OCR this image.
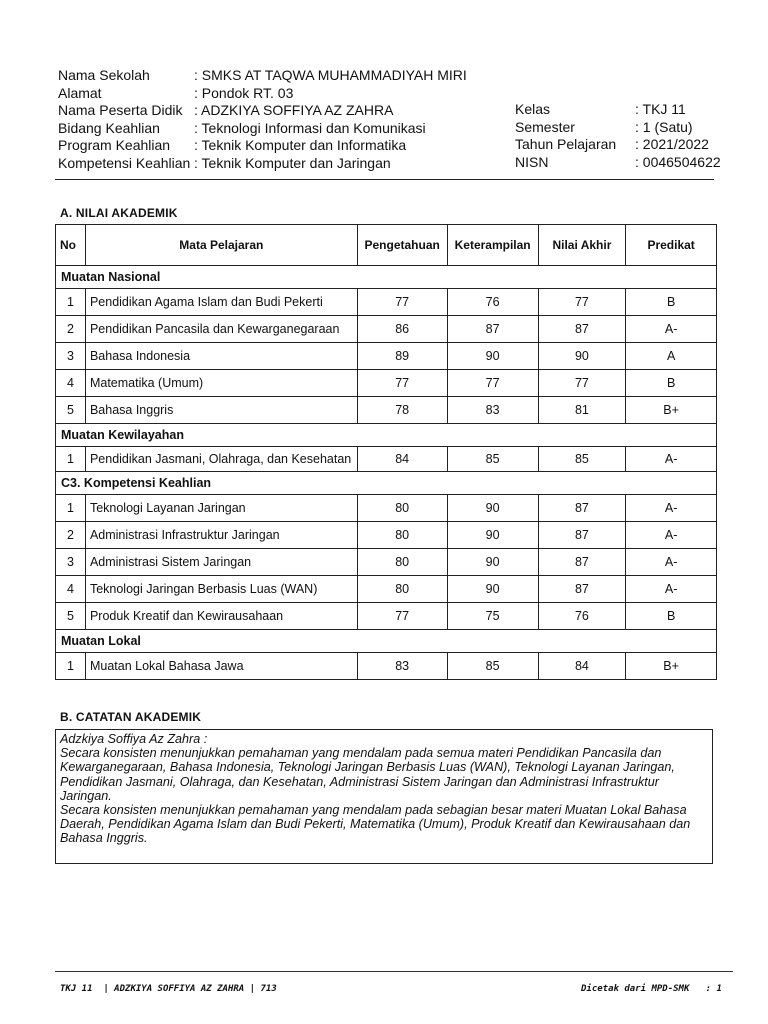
Nama Sekolah	: SMKS AT TAQWA MUHAMMADIYAH MIRI
Alamat	: Pondok RT. 03
Nama Peserta Didik : ADZKIYA SOFFIYA AZ ZAHRA
Bidang Keahlian : Teknologi Informasi dan Komunikasi
Program Keahlian : Teknik Komputer dan Informatika
Kompetensi Keahlian : Teknik Komputer dan Jaringan
Kelas	: TKJ 11
Semester	: 1 (Satu)
Tahun Pelajaran : 2021/2022
NISN	: 0046504622
A. NILAI AKADEMIK
No	Mata Pelajaran	Pengetahuan	Keterampilan	Nilai Akhir	Predikat
Muatan Nasional					
1	Pendidikan Agama Islam dan Budi Pekerti	77	76	77	B
2	Pendidikan Pancasila dan Kewarganegaraan	86	87	87	A-
3	Bahasa Indonesia	89	90	90	A
4	Matematika (Umum)	77	77	77	B
5	Bahasa Inggris	78	83	81	B+
Muatan Kewilayahan					
1	Pendidikan Jasmani, Olahraga, dan Kesehatan	84	85	85	A-
C3. Kompetensi Keahlian					
1	Teknologi Layanan Jaringan	80	90	87	A-
2	Administrasi Infrastruktur Jaringan	80	90	87	A-
3	Administrasi Sistem Jaringan	80	90	87	A-
4	Teknologi Jaringan Berbasis Luas (WAN)	80	90	87	A-
5	Produk Kreatif dan Kewirausahaan	77	75	76	B
Muatan Lokal					
1	Muatan Lokal Bahasa Jawa	83	85	84	B+
B. CATATAN AKADEMIK

Adzkiya Soffiya Az Zahra :

Secara konsisten menunjukkan pemahaman yang mendalam pada semua materi Pendidikan Pancasila dan Kewarganegaraan, Bahasa Indonesia, Teknologi Jaringan Berbasis Luas (WAN), Teknologi Layanan Jaringan, Pendidikan Jasmani, Olahraga, dan Kesehatan, Administrasi Sistem Jaringan dan Administrasi Infrastruktur Jaringan.

Secara konsisten menunjukkan pemahaman yang mendalam pada sebagian besar materi Muatan Lokal Bahasa Daerah, Pendidikan Agama Islam dan Budi Pekerti, Matematika (Umum), Produk Kreatif dan Kewirausahaan dan Bahasa Inggris.

TKJ 11  | ADZKIYA SOFFIYA AZ ZAHRA | 713	Dicetak dari MPD-SMK   : 1
